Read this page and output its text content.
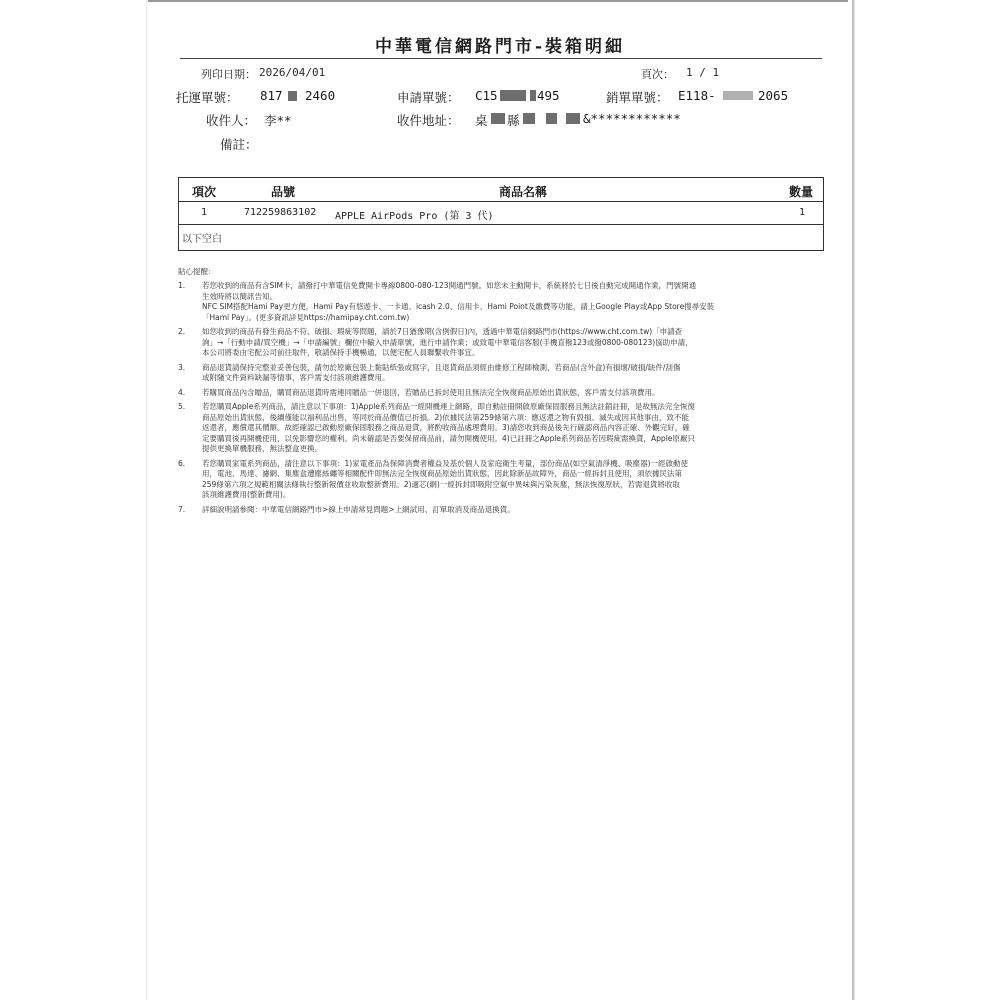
中華電信網路門市-裝箱明細
列印日期： 2026/04/01	頁次： 1 / 1
托運單號： 817 2460	申請單號： C15	495	銷單單號： E118-	2065
收件人： 李**	收件地址： 桌 縣	&************
備註：
項次	品號	商品名稱	數量
1	712259863102 APPLE AirPods Pro (第 3 代)	1
以下空白
貼心提醒：
1. 若您收到的商品有含SIM卡，請撥打中華電信免費開卡專線0800-080-123開通門號。如您未主動開卡，系統將於七日後自動完成開通作業，門號開通

生效時將以簡訊告知。

NFC SIM搭配Hami Pay更方便，Hami Pay有悠遊卡、一卡通、icash 2.0、信用卡、Hami Point及繳費等功能，請上Google Play或App Store搜尋安裝

「Hami Pay」。(更多資訊詳見https://hamipay.cht.com.tw)

2. 如您收到的商品有發生商品不符、破損、瑕疵等問題，請於7日猶豫期(含例假日)內，透過中華電信網路門市(https://www.cht.com.tw)「申請查

詢」→「行動申請/買空機」→「申請編號」欄位中輸入申請單號，進行申請作業；或致電中華電信客服(手機直撥123或撥0800-080123)協助申請，

本公司將委由宅配公司前往取件，敬請保持手機暢通，以便宅配人員聯繫收件事宜。

3. 商品退貨請保持完整並妥善包裝，請勿於原廠包裝上黏貼紙張或寫字，且退貨商品須經由維修工程師檢測，若商品(含外盒)有損壞/破損/缺件/刮傷

或附隨文件資料缺漏等情事，客戶需支付該項維護費用。

4. 若購買商品內含贈品，購買商品退貨時需連同贈品一併退回，若贈品已拆封使用且無法完全恢復商品原始出貨狀態，客戶需支付該項費用。

5. 若您購買Apple系列商品，請注意以下事項：1)Apple系列商品一經開機連上網路，即自動註冊開啟原廠保固服務且無法註銷註冊，是故無法完全恢復

商品原始出貨狀態，後續僅能以福利品出售，等同於商品價值已折損。2)依據民法第259條第六項：應返還之物有毀損、滅失或因其他事由，致不能

返還者，應償還其價額。故經確認已啟動原廠保固服務之商品退貨，將酌收商品處理費用。3)請您收到商品後先行確認商品內容正確、外觀完好，確

定要購買後再開機使用，以免影響您的權利。尚未確認是否要保留商品前，請勿開機使用。4)已註冊之Apple系列商品若因瑕疵需換貨，Apple原廠只

提供更換單機服務，無法整盒更換。

6. 若您購買家電系列商品，請注意以下事項：1)家電產品為保障消費者權益及基於個人及家庭衛生考量，部份商品(如空氣清淨機、吸塵器)一經啟動使

用，電池、馬達、濾網、集塵盒遭塵絲纏等相關配件即無法完全恢復商品原始出貨狀態，因此除新品故障外，商品一經拆封且使用，須依據民法第

259條第六項之規範相關法條執行整新報價並收取整新費用。2)適芯(網)一經拆封即吸附空氣中異味與污染灰塵，無法恢復原狀，若需退貨將收取

該項維護費用(整新費用)。

7. 詳細說明請參閱：中華電信網路門市>線上申請常見問題>上網試用、訂單取消及商品退換貨。
